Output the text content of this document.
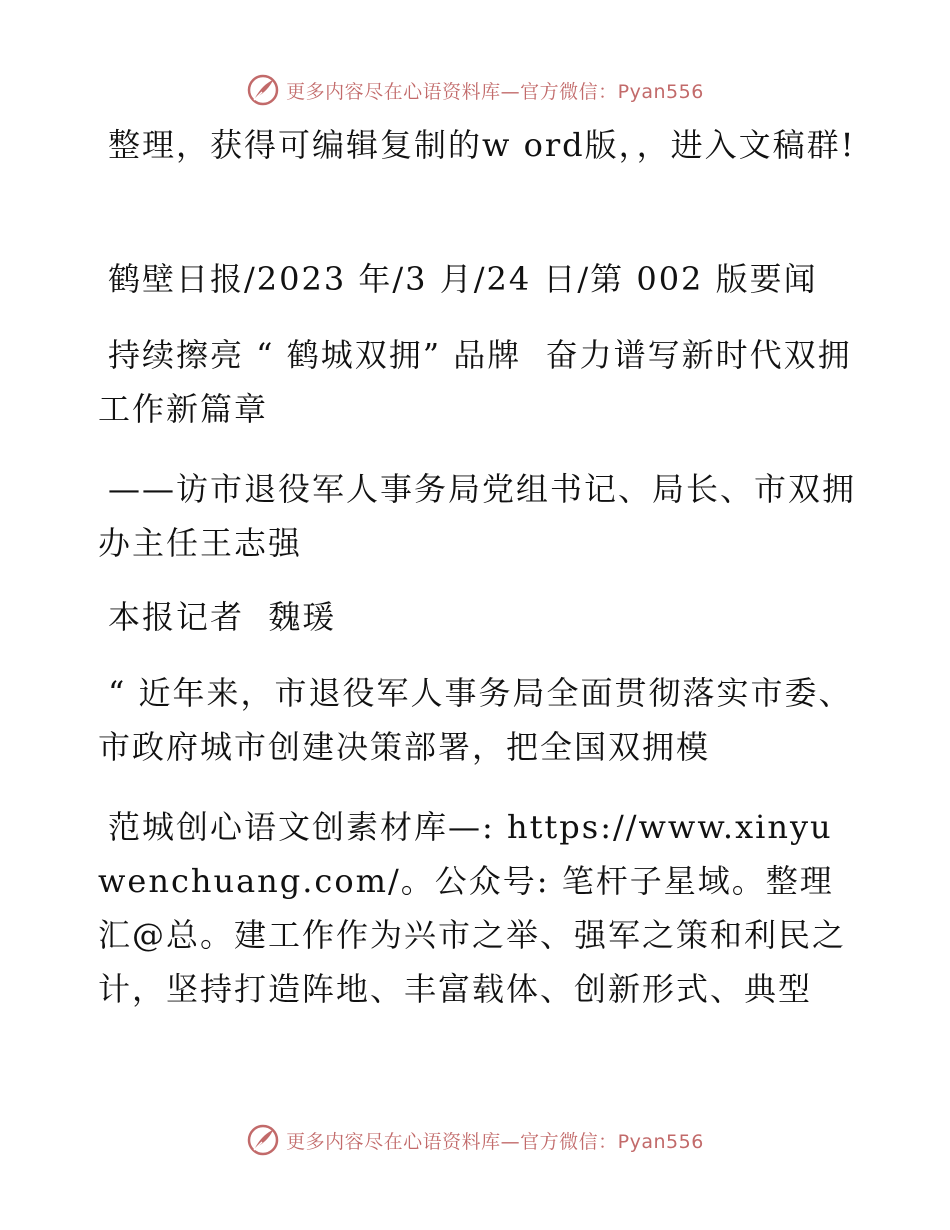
更多内容尽在心语资料库—官方微信：Pyan556

整理，获得可编辑复制的w ord版，，进入文稿群!

鹤壁日报/2023 年/3 月/24 日/第 002 版要闻

持续擦亮 “ 鹤城双拥” 品牌  奋力谱写新时代双拥工作新篇章

——访市退役军人事务局党组书记、局长、市双拥办主任王志强

本报记者  魏瑗

“ 近年来，市退役军人事务局全面贯彻落实市委、市政府城市创建决策部署，把全国双拥模

范城创心语文创素材库—: https://www.xinyuwenchuang.com/。公众号: 笔杆子星域。整理汇@总。建工作作为兴市之举、强军之策和利民之计，坚持打造阵地、丰富载体、创新形式、典型

更多内容尽在心语资料库—官方微信：Pyan556
